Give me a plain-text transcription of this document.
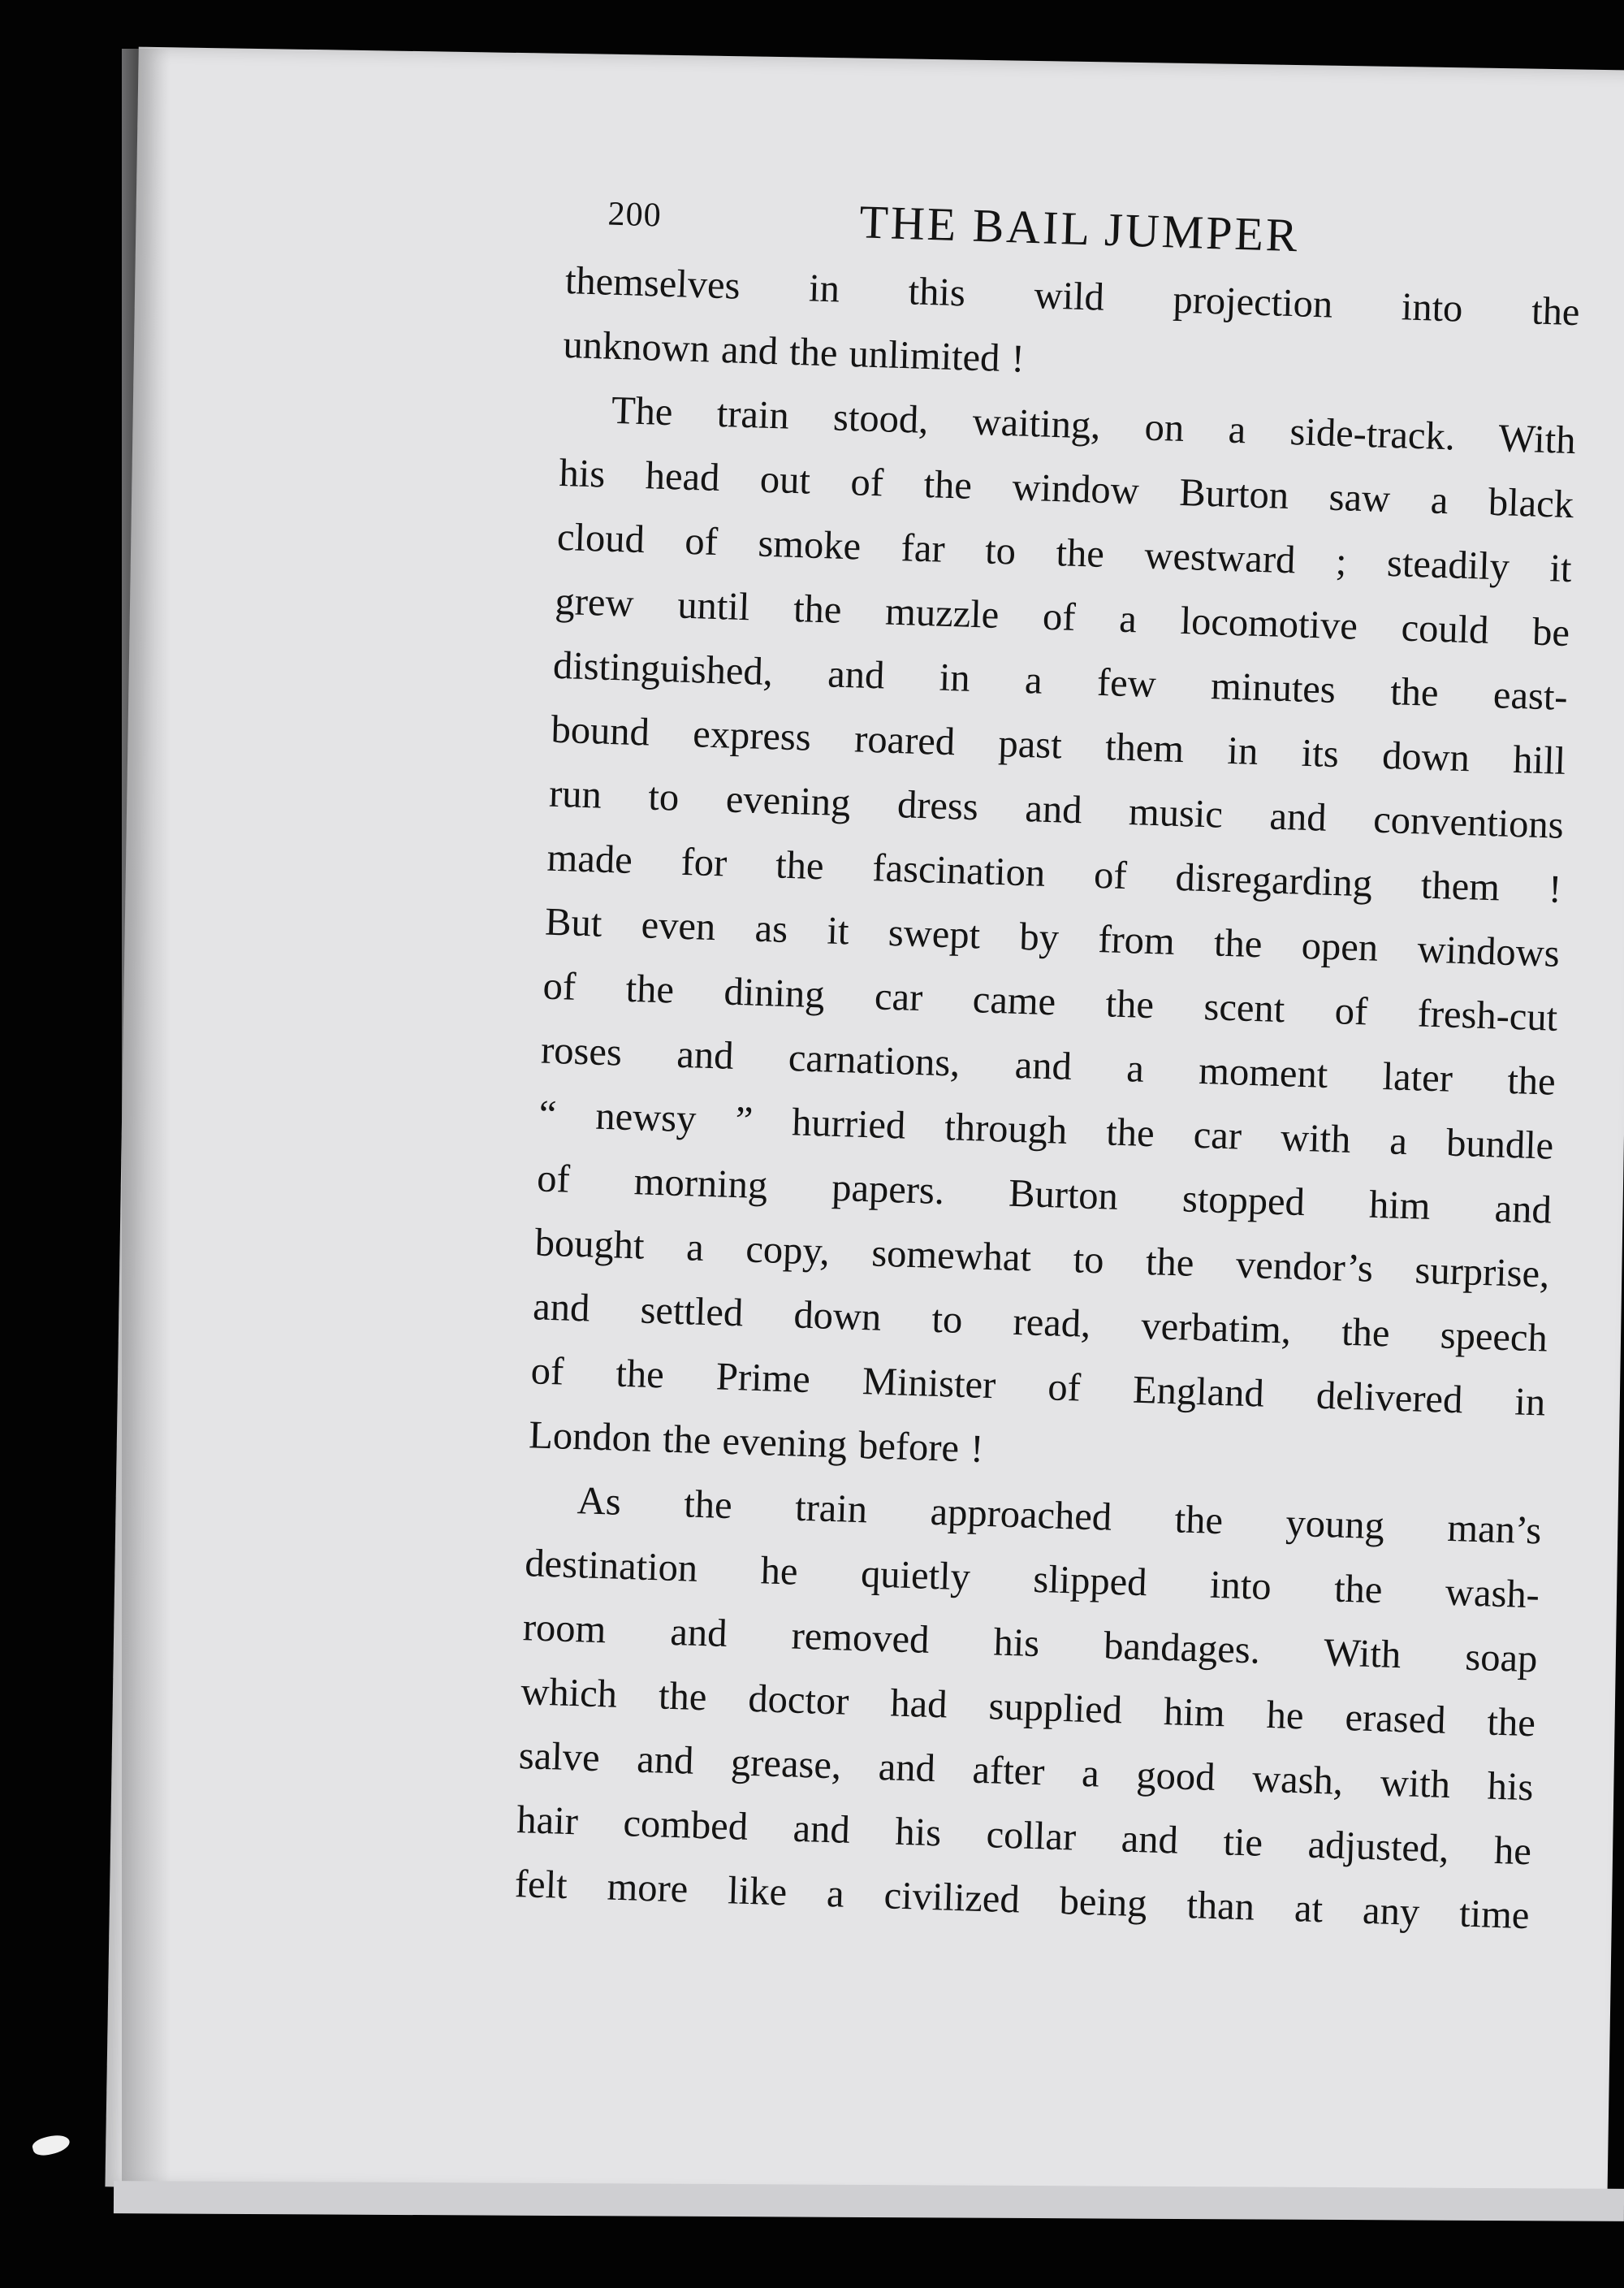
200	THE BAIL JUMPER

themselves in this wild projection into the
unknown and the unlimited !

The train stood, waiting, on a side-track. With
his head out of the window Burton saw a black
cloud of smoke far to the westward ; steadily it
grew until the muzzle of a locomotive could be
distinguished, and in a few minutes the east-
bound express roared past them in its down hill
run to evening dress and music and conventions
made for the fascination of disregarding them !
But even as it swept by from the open windows
of the dining car came the scent of fresh-cut
roses and carnations, and a moment later the
“ newsy ” hurried through the car with a bundle
of morning papers. Burton stopped him and
bought a copy, somewhat to the vendor’s surprise,
and settled down to read, verbatim, the speech
of the Prime Minister of England delivered in
London the evening before !

As the train approached the young man’s
destination he quietly slipped into the wash-
room and removed his bandages. With soap
which the doctor had supplied him he erased the
salve and grease, and after a good wash, with his
hair combed and his collar and tie adjusted, he
felt more like a civilized being than at any time
